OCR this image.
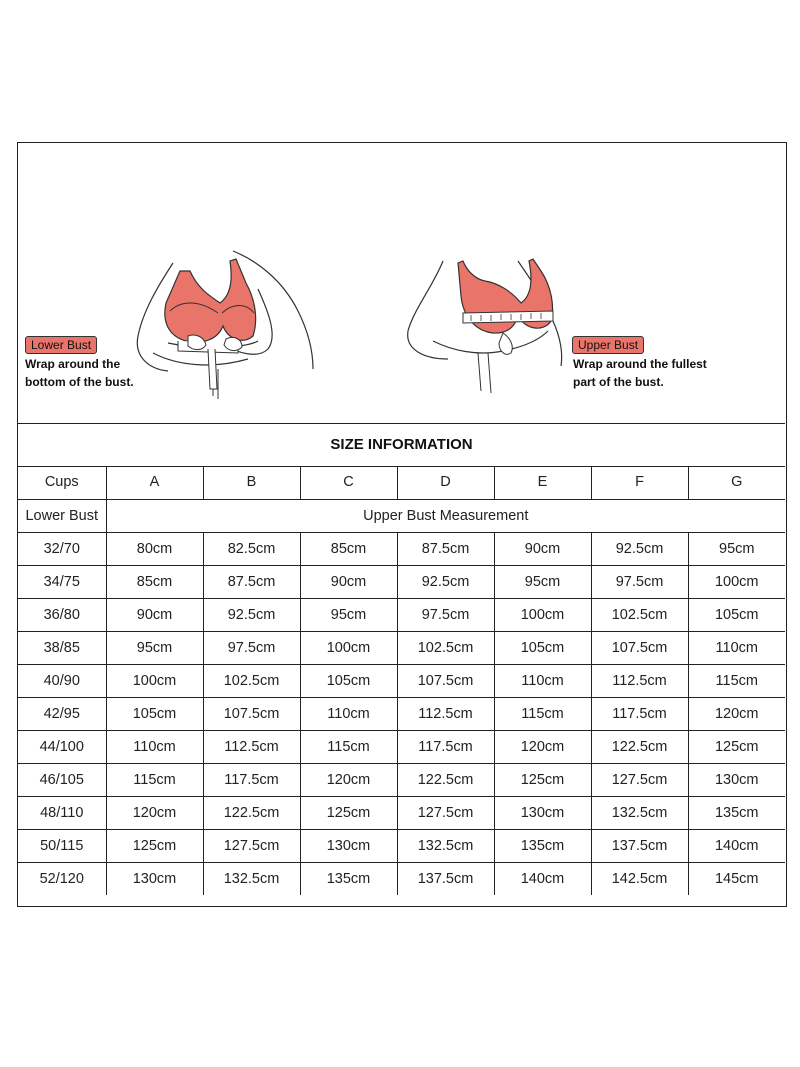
Lower Bust
Wrap around the
bottom of the bust.
Upper Bust
Wrap around the fullest
part of the bust.
SIZE INFORMATION
Cups	A	B	C	D	E	F	G
Lower Bust	Upper Bust Measurement						
32/70	80cm	82.5cm	85cm	87.5cm	90cm	92.5cm	95cm
34/75	85cm	87.5cm	90cm	92.5cm	95cm	97.5cm	100cm
36/80	90cm	92.5cm	95cm	97.5cm	100cm	102.5cm	105cm
38/85	95cm	97.5cm	100cm	102.5cm	105cm	107.5cm	110cm
40/90	100cm	102.5cm	105cm	107.5cm	110cm	112.5cm	115cm
42/95	105cm	107.5cm	110cm	112.5cm	115cm	117.5cm	120cm
44/100	110cm	112.5cm	115cm	117.5cm	120cm	122.5cm	125cm
46/105	115cm	117.5cm	120cm	122.5cm	125cm	127.5cm	130cm
48/110	120cm	122.5cm	125cm	127.5cm	130cm	132.5cm	135cm
50/115	125cm	127.5cm	130cm	132.5cm	135cm	137.5cm	140cm
52/120	130cm	132.5cm	135cm	137.5cm	140cm	142.5cm	145cm
